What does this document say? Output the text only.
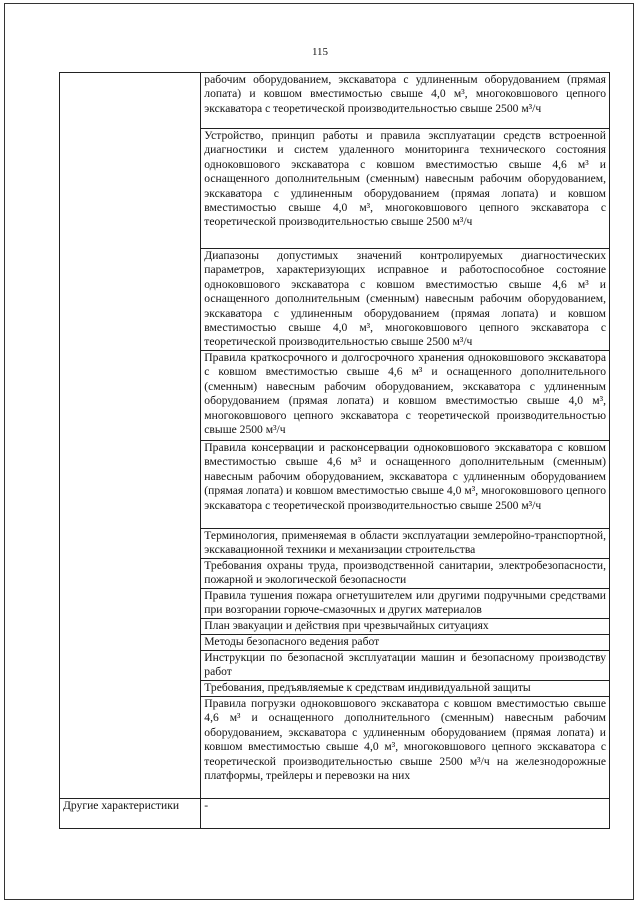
115
	рабочим оборудованием, экскаватора с удлиненным оборудованием (прямая лопата) и ковшом вместимостью свыше 4,0 м³, многоковшового цепного экскаватора с теоретической производительностью свыше 2500 м³/ч
	Устройство, принцип работы и правила эксплуатации средств встроенной диагностики и систем удаленного мониторинга технического состояния одноковшового экскаватора с ковшом вместимостью свыше 4,6 м³ и оснащенного дополнительным (сменным) навесным рабочим оборудованием, экскаватора с удлиненным оборудованием (прямая лопата) и ковшом вместимостью свыше 4,0 м³, многоковшового цепного экскаватора с теоретической производительностью свыше 2500 м³/ч
	Диапазоны допустимых значений контролируемых диагностических параметров, характеризующих исправное и работоспособное состояние одноковшового экскаватора с ковшом вместимостью свыше 4,6 м³ и оснащенного дополнительным (сменным) навесным рабочим оборудованием, экскаватора с удлиненным оборудованием (прямая лопата) и ковшом вместимостью свыше 4,0 м³, многоковшового цепного экскаватора с теоретической производительностью свыше 2500 м³/ч
	Правила краткосрочного и долгосрочного хранения одноковшового экскаватора с ковшом вместимостью свыше 4,6 м³ и оснащенного дополнительного (сменным) навесным рабочим оборудованием, экскаватора с удлиненным оборудованием (прямая лопата) и ковшом вместимостью свыше 4,0 м³, многоковшового цепного экскаватора с теоретической производительностью свыше 2500 м³/ч
	Правила консервации и расконсервации одноковшового экскаватора с ковшом вместимостью свыше 4,6 м³ и оснащенного дополнительным (сменным) навесным рабочим оборудованием, экскаватора с удлиненным оборудованием (прямая лопата) и ковшом вместимостью свыше 4,0 м³, многоковшового цепного экскаватора с теоретической производительностью свыше 2500 м³/ч
	Терминология, применяемая в области эксплуатации землеройно-транспортной, экскавационной техники и механизации строительства
	Требования охраны труда, производственной санитарии, электробезопасности, пожарной и экологической безопасности
	Правила тушения пожара огнетушителем или другими подручными средствами при возгорании горюче-смазочных и других материалов
	План эвакуации и действия при чрезвычайных ситуациях
	Методы безопасного ведения работ
	Инструкции по безопасной эксплуатации машин и безопасному производству работ
	Требования, предъявляемые к средствам индивидуальной защиты
	Правила погрузки одноковшового экскаватора с ковшом вместимостью свыше 4,6 м³ и оснащенного дополнительного (сменным) навесным рабочим оборудованием, экскаватора с удлиненным оборудованием (прямая лопата) и ковшом вместимостью свыше 4,0 м³, многоковшового цепного экскаватора с теоретической производительностью свыше 2500 м³/ч на железнодорожные платформы, трейлеры и перевозки на них
Другие характеристики	-
